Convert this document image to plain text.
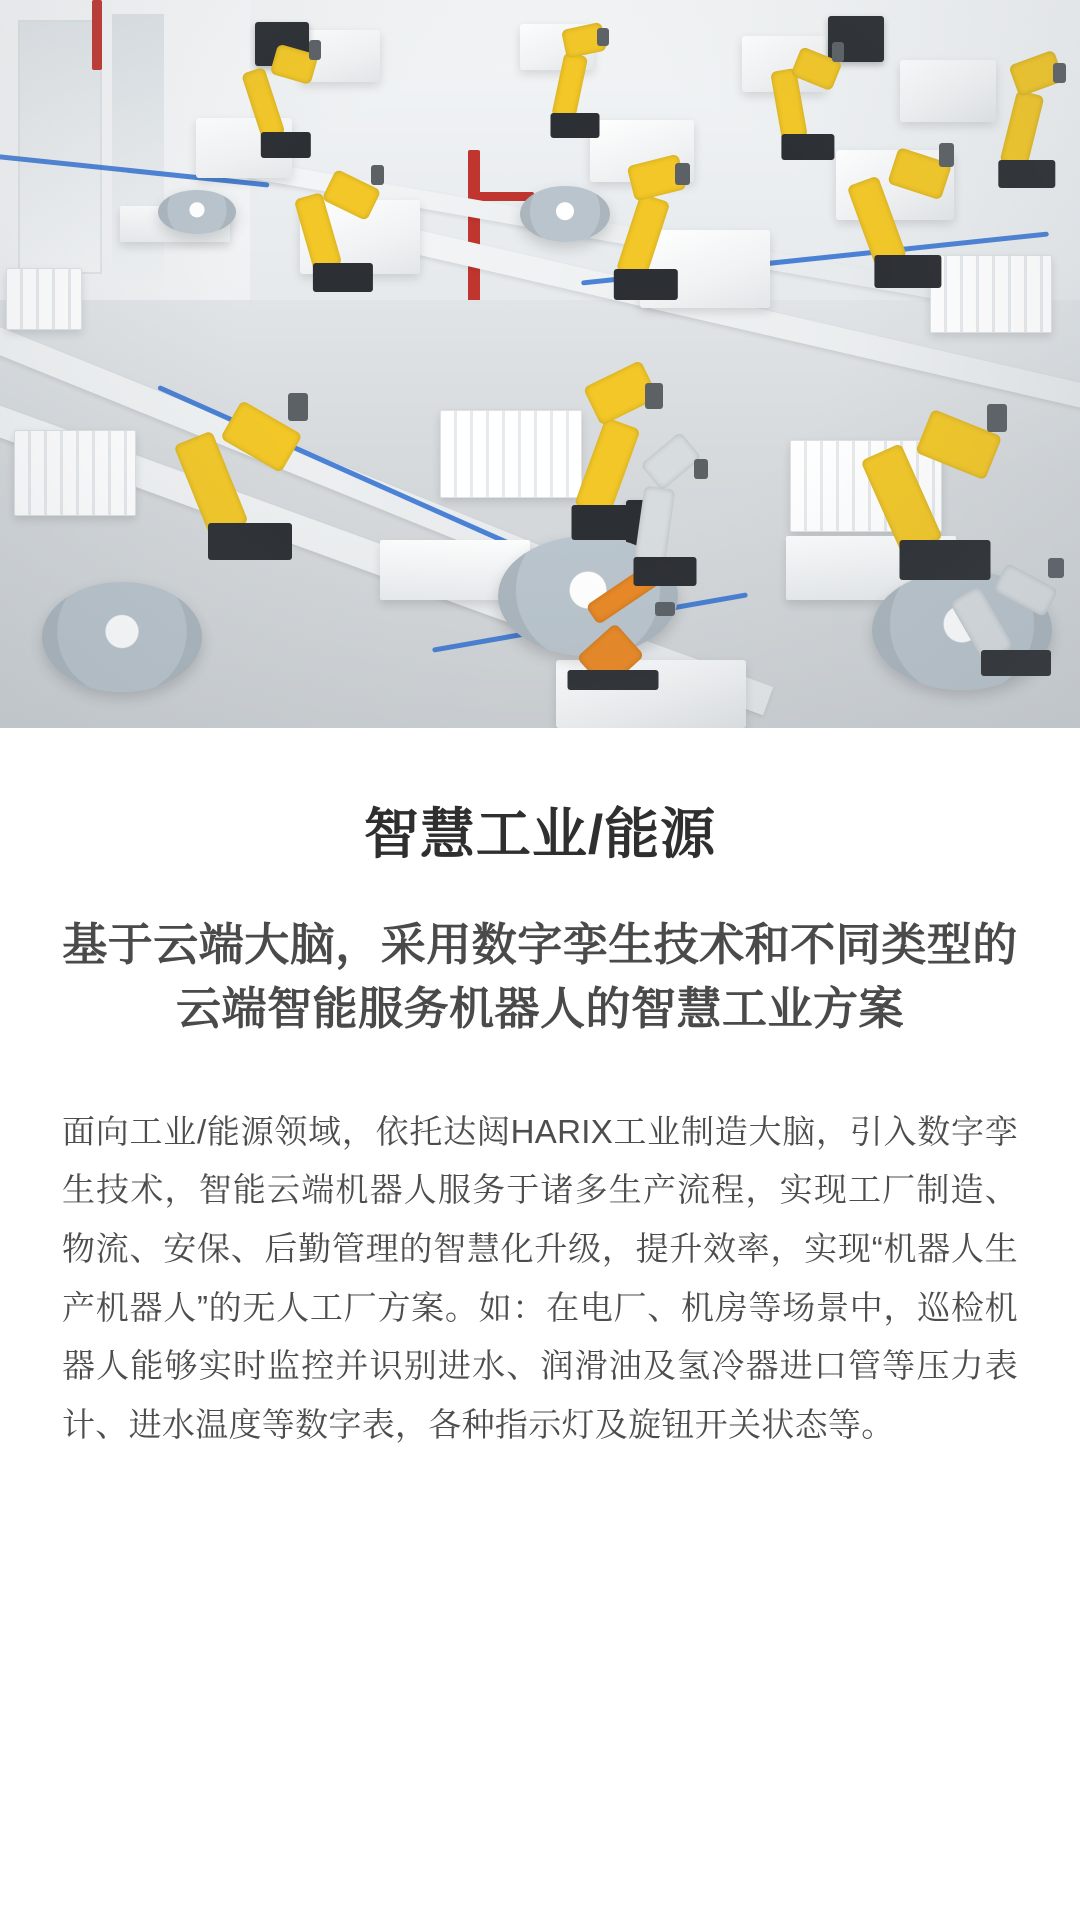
智慧工业/能源
基于云端大脑，采用数字孪生技术和不同类型的云端智能服务机器人的智慧工业方案

面向工业/能源领域，依托达闼HARIX工业制造大脑，引入数字孪生技术，智能云端机器人服务于诸多生产流程，实现工厂制造、物流、安保、后勤管理的智慧化升级，提升效率，实现“机器人生产机器人”的无人工厂方案。如：在电厂、机房等场景中，巡检机器人能够实时监控并识别进水、润滑油及氢冷器进口管等压力表计、进水温度等数字表，各种指示灯及旋钮开关状态等。
